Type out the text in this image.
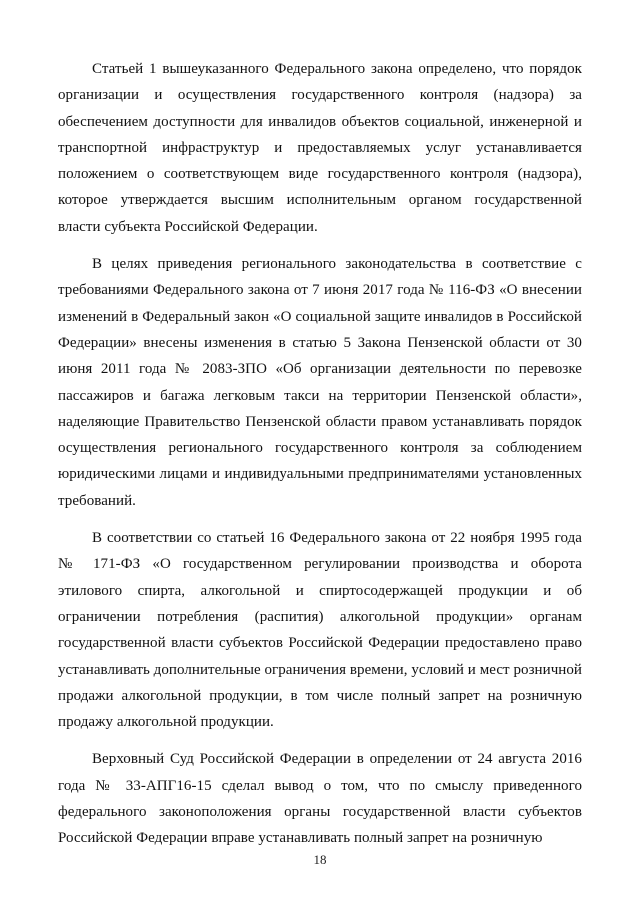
Статьей 1 вышеуказанного Федерального закона определено, что порядок организации и осуществления государственного контроля (надзора) за обеспечением доступности для инвалидов объектов социальной, инженерной и транспортной инфраструктур и предоставляемых услуг устанавливается положением о соответствующем виде государственного контроля (надзора), которое утверждается высшим исполнительным органом государственной власти субъекта Российской Федерации.

В целях приведения регионального законодательства в соответствие с требованиями Федерального закона от 7 июня 2017 года № 116-ФЗ «О внесении изменений в Федеральный закон «О социальной защите инвалидов в Российской Федерации» внесены изменения в статью 5 Закона Пензенской области от 30 июня 2011 года № 2083-ЗПО «Об организации деятельности по перевозке пассажиров и багажа легковым такси на территории Пензенской области», наделяющие Правительство Пензенской области правом устанавливать порядок осуществления регионального государственного контроля за соблюдением юридическими лицами и индивидуальными предпринимателями установленных требований.

В соответствии со статьей 16 Федерального закона от 22 ноября 1995 года № 171-ФЗ «О государственном регулировании производства и оборота этилового спирта, алкогольной и спиртосодержащей продукции и об ограничении потребления (распития) алкогольной продукции» органам государственной власти субъектов Российской Федерации предоставлено право устанавливать дополнительные ограничения времени, условий и мест розничной продажи алкогольной продукции, в том числе полный запрет на розничную продажу алкогольной продукции.

Верховный Суд Российской Федерации в определении от 24 августа 2016 года № 33-АПГ16-15 сделал вывод о том, что по смыслу приведенного федерального законоположения органы государственной власти субъектов Российской Федерации вправе устанавливать полный запрет на розничную

18
